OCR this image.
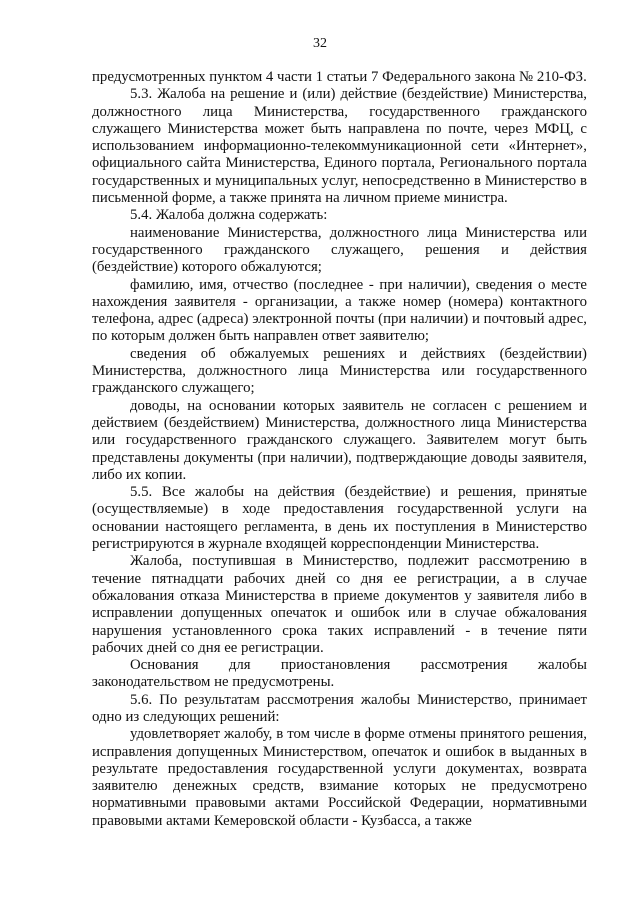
32

предусмотренных пунктом 4 части 1 статьи 7 Федерального закона № 210-ФЗ.

5.3. Жалоба на решение и (или) действие (бездействие) Министерства, должностного лица Министерства, государственного гражданского служащего Министерства может быть направлена по почте, через МФЦ, с использованием информационно-телекоммуникационной сети «Интернет», официального сайта Министерства, Единого портала, Регионального портала государственных и муниципальных услуг, непосредственно в Министерство в письменной форме, а также принята на личном приеме министра.

5.4. Жалоба должна содержать:

наименование Министерства, должностного лица Министерства или государственного гражданского служащего, решения и действия (бездействие) которого обжалуются;

фамилию, имя, отчество (последнее - при наличии), сведения о месте нахождения заявителя - организации, а также номер (номера) контактного телефона, адрес (адреса) электронной почты (при наличии) и почтовый адрес, по которым должен быть направлен ответ заявителю;

сведения об обжалуемых решениях и действиях (бездействии) Министерства, должностного лица Министерства или государственного гражданского служащего;

доводы, на основании которых заявитель не согласен с решением и действием (бездействием) Министерства, должностного лица Министерства или государственного гражданского служащего. Заявителем могут быть представлены документы (при наличии), подтверждающие доводы заявителя, либо их копии.

5.5. Все жалобы на действия (бездействие) и решения, принятые (осуществляемые) в ходе предоставления государственной услуги на основании настоящего регламента, в день их поступления в Министерство регистрируются в журнале входящей корреспонденции Министерства.

Жалоба, поступившая в Министерство, подлежит рассмотрению в течение пятнадцати рабочих дней со дня ее регистрации, а в случае обжалования отказа Министерства в приеме документов у заявителя либо в исправлении допущенных опечаток и ошибок или в случае обжалования нарушения установленного срока таких исправлений - в течение пяти рабочих дней со дня ее регистрации.

Основания для приостановления рассмотрения жалобы законодательством не предусмотрены.

5.6. По результатам рассмотрения жалобы Министерство, принимает одно из следующих решений:

удовлетворяет жалобу, в том числе в форме отмены принятого решения, исправления допущенных Министерством, опечаток и ошибок в выданных в результате предоставления государственной услуги документах, возврата заявителю денежных средств, взимание которых не предусмотрено нормативными правовыми актами Российской Федерации, нормативными правовыми актами Кемеровской области - Кузбасса, а также
